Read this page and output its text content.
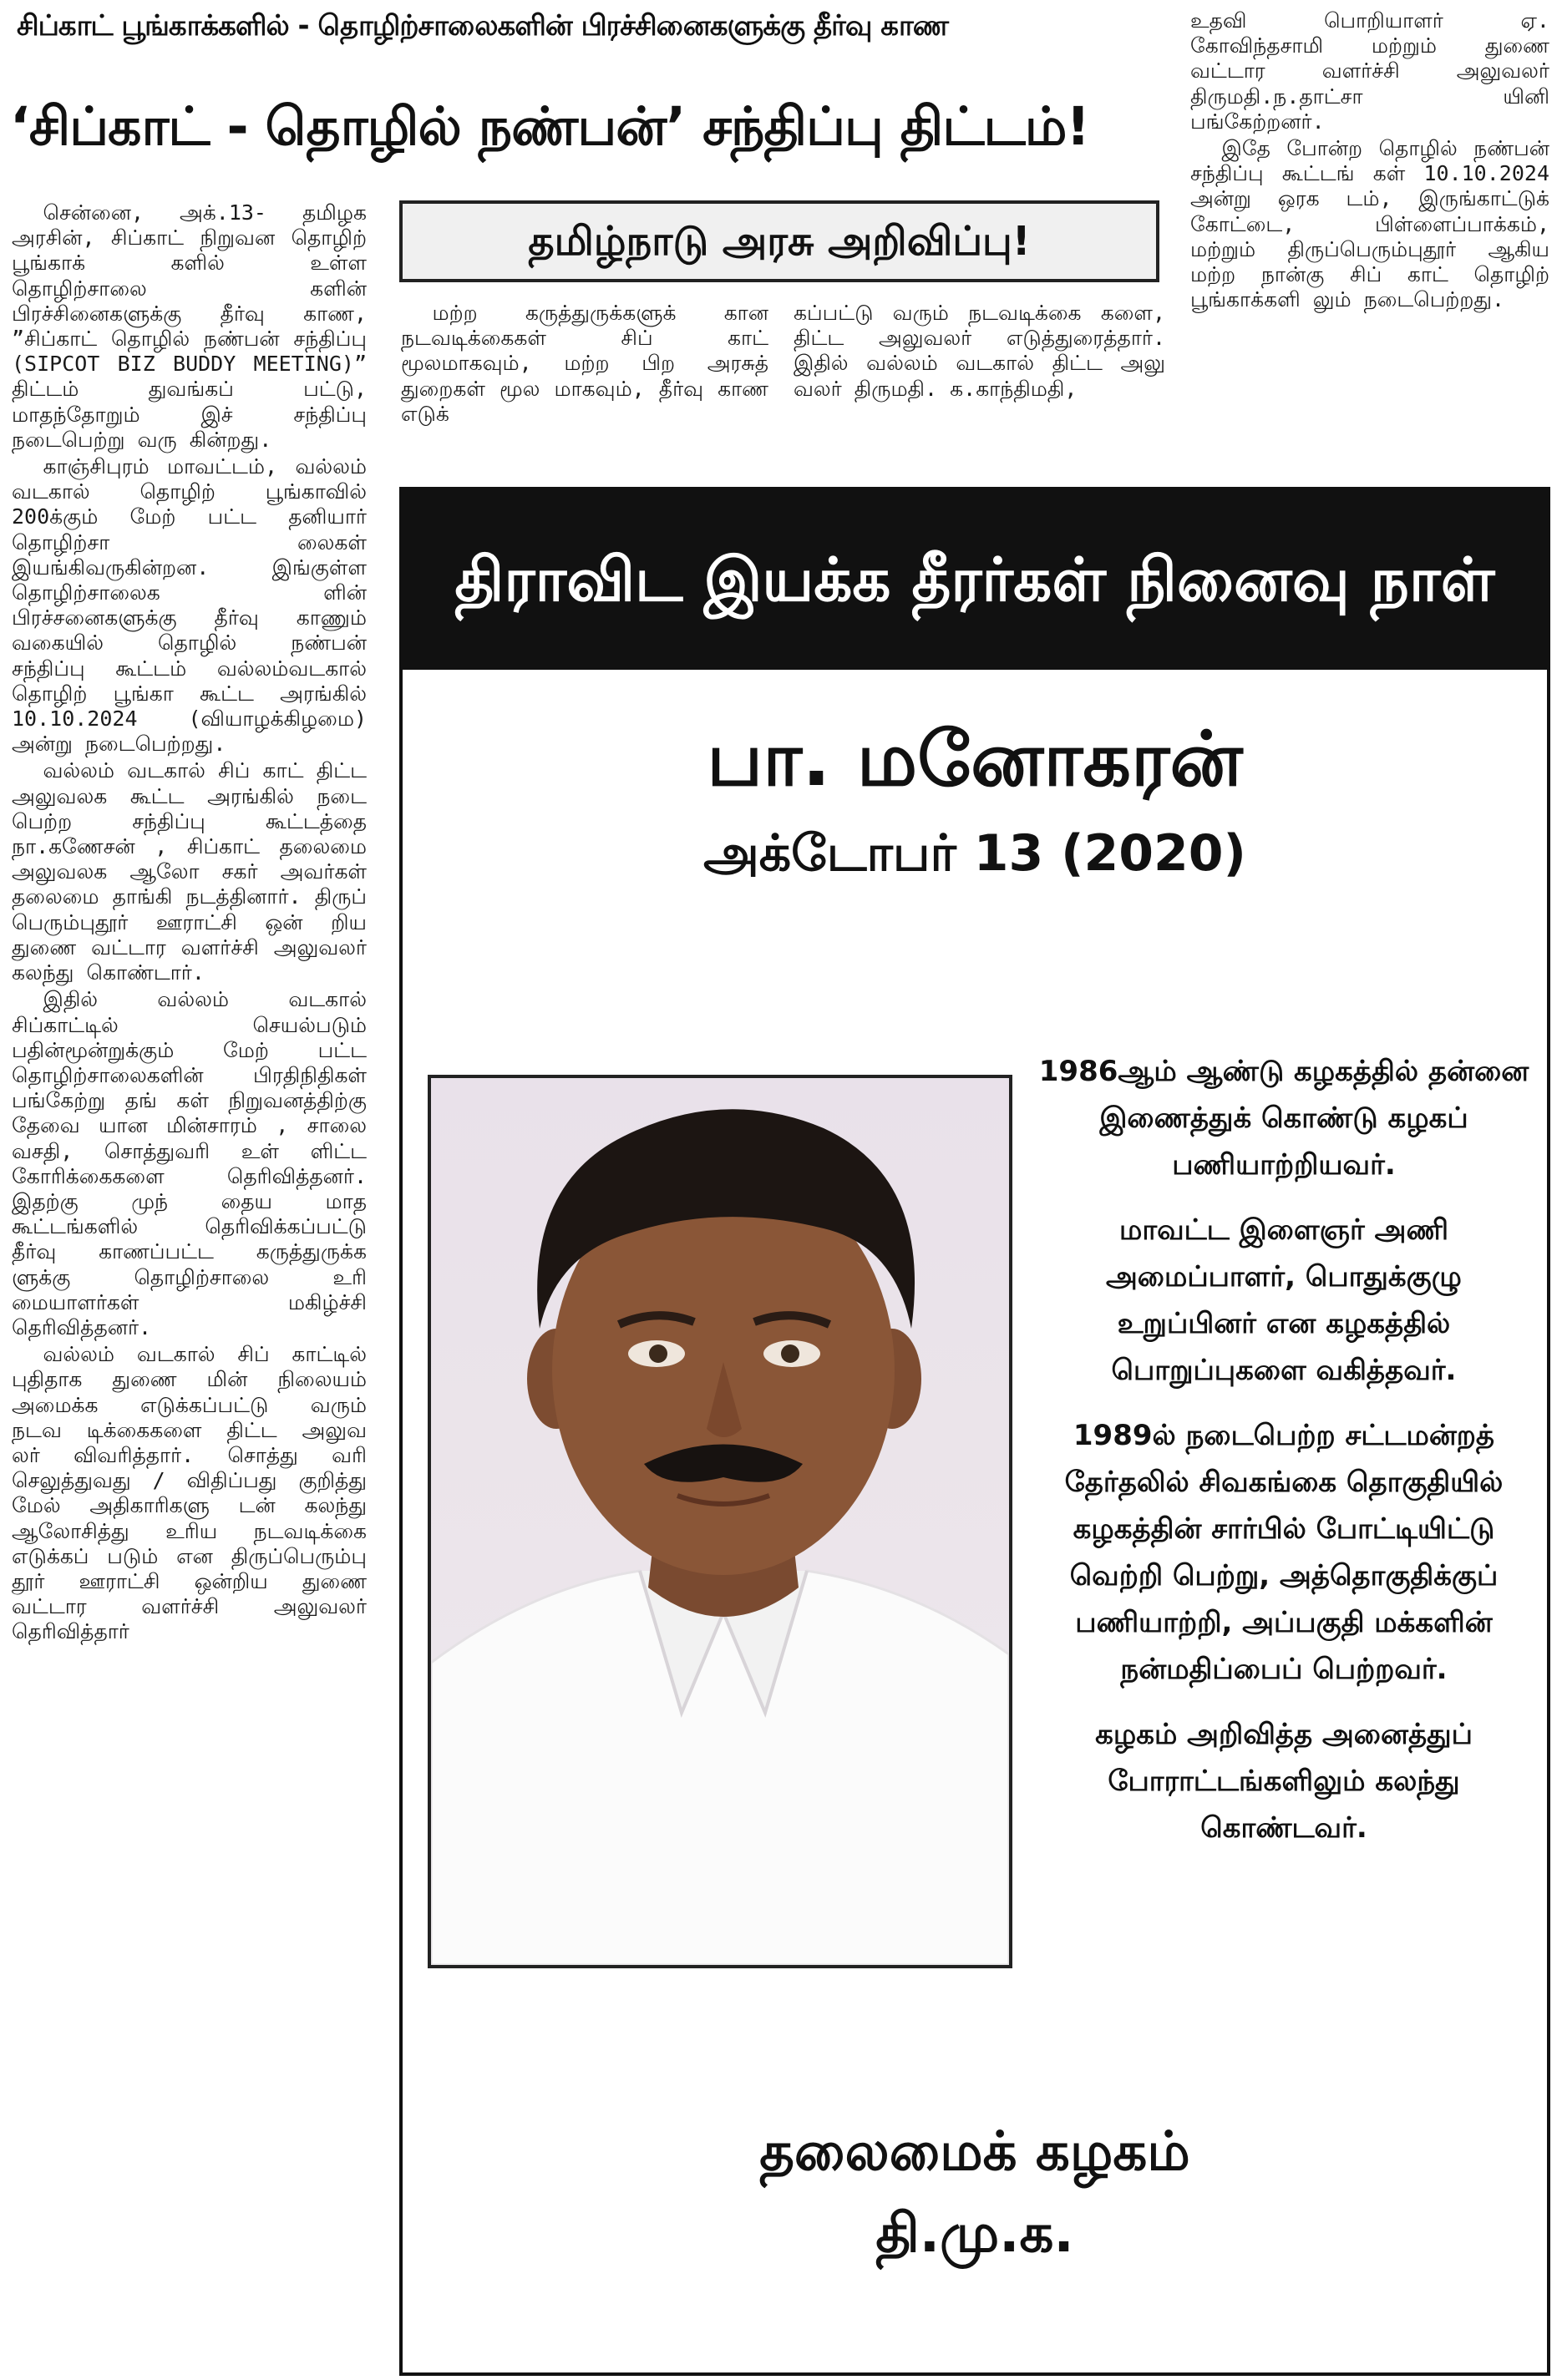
சிப்காட் பூங்காக்களில் - தொழிற்சாலைகளின் பிரச்சினைகளுக்கு தீர்வு காண
‘சிப்காட் - தொழில் நண்பன்’ சந்திப்பு திட்டம்!
தமிழ்நாடு அரசு அறிவிப்பு!

சென்னை, அக்.13- தமிழக அரசின், சிப்காட் நிறுவன தொழிற் பூங்காக் களில் உள்ள தொழிற்சாலை களின் பிரச்சினைகளுக்கு தீர்வு காண, ”சிப்காட் தொழில் நண்பன் சந்திப்பு (SIPCOT BIZ BUDDY MEETING)” திட்டம் துவங்கப் பட்டு, மாதந்தோறும் இச் சந்திப்பு நடைபெற்று வரு கின்றது.

காஞ்சிபுரம் மாவட்டம், வல்லம் வடகால் தொழிற் பூங்காவில் 200க்கும் மேற் பட்ட தனியார் தொழிற்சா லைகள் இயங்கிவருகின்றன. இங்குள்ள தொழிற்சாலைக ளின் பிரச்சனைகளுக்கு தீர்வு காணும் வகையில் தொழில் நண்பன் சந்திப்பு கூட்டம் வல்லம்வடகால் தொழிற் பூங்கா கூட்ட அரங்கில் 10.10.2024 (வியாழக்கிழமை) அன்று நடைபெற்றது.

வல்லம் வடகால் சிப் காட் திட்ட அலுவலக கூட்ட அரங்கில் நடை பெற்ற சந்திப்பு கூட்டத்தை நா.கணேசன் , சிப்காட் தலைமை அலுவலக ஆலோ சகர் அவர்கள் தலைமை தாங்கி நடத்தினார். திருப் பெரும்புதூர் ஊராட்சி ஒன் றிய துணை வட்டார வளர்ச்சி அலுவலர் கலந்து கொண்டார்.

இதில் வல்லம் வடகால் சிப்காட்டில் செயல்படும் பதின்மூன்றுக்கும் மேற் பட்ட தொழிற்சாலைகளின் பிரதிநிதிகள் பங்கேற்று தங் கள் நிறுவனத்திற்கு தேவை யான மின்சாரம் , சாலை வசதி, சொத்துவரி உள் ளிட்ட கோரிக்கைகளை தெரிவித்தனர். இதற்கு முந் தைய மாத கூட்டங்களில் தெரிவிக்கப்பட்டு தீர்வு காணப்பட்ட கருத்துருக்க ளுக்கு தொழிற்சாலை உரி மையாளர்கள் மகிழ்ச்சி தெரிவித்தனர்.

வல்லம் வடகால் சிப் காட்டில் புதிதாக துணை மின் நிலையம் அமைக்க எடுக்கப்பட்டு வரும் நடவ டிக்கைகளை திட்ட அலுவ லர் விவரித்தார். சொத்து வரி செலுத்துவது / விதிப்பது குறித்து மேல் அதிகாரிகளு டன் கலந்து ஆலோசித்து உரிய நடவடிக்கை எடுக்கப் படும் என திருப்பெரும்பு தூர் ஊராட்சி ஒன்றிய துணை வட்டார வளர்ச்சி அலுவலர் தெரிவித்தார்

மற்ற கருத்துருக்களுக் கான நடவடிக்கைகள் சிப் காட் மூலமாகவும், மற்ற பிற அரசுத் துறைகள் மூல மாகவும், தீர்வு காண எடுக்

கப்பட்டு வரும் நடவடிக்கை களை, திட்ட அலுவலர் எடுத்துரைத்தார். இதில் வல்லம் வடகால் திட்ட அலு வலர் திருமதி. க.காந்திமதி,

உதவி பொறியாளர் ஏ. கோவிந்தசாமி மற்றும் துணை வட்டார வளர்ச்சி அலுவலர் திருமதி.ந.தாட்சா யினி பங்கேற்றனர்.

இதே போன்ற தொழில் நண்பன் சந்திப்பு கூட்டங் கள் 10.10.2024 அன்று ஒரக டம், இருங்காட்டுக் கோட்டை, பிள்ளைப்பாக்கம், மற்றும் திருப்பெரும்புதூர் ஆகிய மற்ற நான்கு சிப் காட் தொழிற் பூங்காக்களி லும் நடைபெற்றது.

திராவிட இயக்க தீரர்கள் நினைவு நாள்
பா. மனோகரன்
அக்டோபர் 13 (2020)

1986ஆம் ஆண்டு கழகத்தில் தன்னை இணைத்துக் கொண்டு கழகப் பணியாற்றியவர்.

மாவட்ட இளைஞர் அணி அமைப்பாளர், பொதுக்குழு உறுப்பினர் என கழகத்தில் பொறுப்புகளை வகித்தவர்.

1989ல் நடைபெற்ற சட்டமன்றத் தேர்தலில் சிவகங்கை தொகுதியில் கழகத்தின் சார்பில் போட்டியிட்டு வெற்றி பெற்று, அத்தொகுதிக்குப் பணியாற்றி, அப்பகுதி மக்களின் நன்மதிப்பைப் பெற்றவர்.

கழகம் அறிவித்த அனைத்துப் போராட்டங்களிலும் கலந்து கொண்டவர்.

தலைமைக் கழகம்
தி.மு.க.
